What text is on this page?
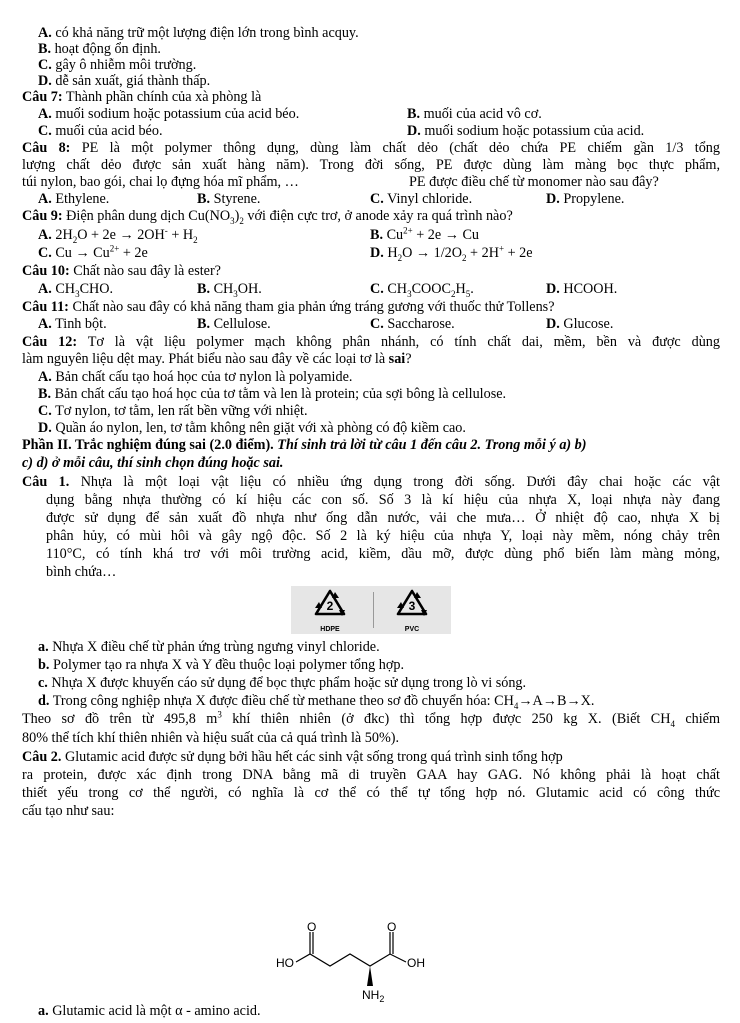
A. có khả năng trữ một lượng điện lớn trong bình acquy.
B. hoạt động ổn định.
C. gây ô nhiễm môi trường.
D. dễ sản xuất, giá thành thấp.
Câu 7: Thành phần chính của xà phòng là
A. muối sodium hoặc potassium của acid béo.	B. muối của acid vô cơ.
C. muối của acid béo.	D. muối sodium hoặc potassium của acid.
Câu 8: PE là một polymer thông dụng, dùng làm chất dẻo (chất dẻo chứa PE chiếm gần 1/3 tổng
lượng chất dẻo được sản xuất hàng năm). Trong đời sống, PE được dùng làm màng bọc thực phẩm,
túi nylon, bao gói, chai lọ đựng hóa mĩ phẩm, …	PE được điều chế từ monomer nào sau đây?
A. Ethylene.	B. Styrene.	C. Vinyl chloride.	D. Propylene.
Câu 9: Điện phân dung dịch $Cu(NO_3)_2$ với điện cực trơ, ở anode xảy ra quá trình nào?
A. $2H_2O + 2e \to 2OH^- + H_2$	B. $Cu^{2+} + 2e \to Cu$
C. $Cu \to Cu^{2+} + 2e$	D. $H_2O \to 1/2O_2 + 2H^+ + 2e$
Câu 10: Chất nào sau đây là ester?
A. $CH_3CHO$.	B. $CH_3OH$.	C. $CH_3COOC_2H_5$.	D. HCOOH.
Câu 11: Chất nào sau đây có khả năng tham gia phản ứng tráng gương với thuốc thử Tollens?
A. Tinh bột.	B. Cellulose.	C. Saccharose.	D. Glucose.
Câu 12: Tơ là vật liệu polymer mạch không phân nhánh, có tính chất dai, mềm, bền và được dùng
làm nguyên liệu dệt may. Phát biểu nào sau đây về các loại tơ là sai?
A. Bản chất cấu tạo hoá học của tơ nylon là polyamide.
B. Bản chất cấu tạo hoá học của tơ tằm và len là protein; của sợi bông là cellulose.
C. Tơ nylon, tơ tằm, len rất bền vững với nhiệt.
D. Quần áo nylon, len, tơ tằm không nên giặt với xà phòng có độ kiềm cao.
Phần II. Trắc nghiệm đúng sai (2.0 điểm). Thí sinh trả lời từ câu 1 đến câu 2. Trong mỗi ý a) b)
c) d) ở mỗi câu, thí sinh chọn đúng hoặc sai.
Câu 1. Nhựa là một loại vật liệu có nhiều ứng dụng trong đời sống. Dưới đây chai hoặc các vật
dụng bằng nhựa thường có kí hiệu các con số. Số 3 là kí hiệu của nhựa X, loại nhựa này đang
được sử dụng để sản xuất đồ nhựa như ống dẫn nước, vải che mưa… Ở nhiệt độ cao, nhựa X bị
phân hủy, có mùi hôi và gây ngộ độc. Số 2 là ký hiệu của nhựa Y, loại này mềm, nóng chảy trên
110°C, có tính khá trơ với môi trường acid, kiềm, dầu mỡ, được dùng phổ biến làm màng mỏng,
bình chứa…
2
HDPE
3
PVC
a. Nhựa X điều chế từ phản ứng trùng ngưng vinyl chloride.
b. Polymer tạo ra nhựa X và Y đều thuộc loại polymer tổng hợp.
c. Nhựa X được khuyến cáo sử dụng để bọc thực phẩm hoặc sử dụng trong lò vi sóng.
d. Trong công nghiệp nhựa X được điều chế từ methane theo sơ đồ chuyển hóa: $CH_4\to A\to B\to X$.
Theo sơ đồ trên từ 495,8 $m^3$ khí thiên nhiên (ở đkc) thì tổng hợp được 250 kg X. (Biết $CH_4$ chiếm
80% thể tích khí thiên nhiên và hiệu suất của cả quá trình là 50%).
Câu 2. Glutamic acid được sử dụng bởi hầu hết các sinh vật sống trong quá trình sinh tổng hợp
ra protein, được xác định trong DNA bằng mã di truyền GAA hay GAG. Nó không phải là hoạt chất
thiết yếu trong cơ thể người, có nghĩa là cơ thể có thể tự tổng hợp nó. Glutamic acid có công thức
cấu tạo như sau:
HO	OH
O	O
$NH_2$
a. Glutamic acid là một α - amino acid.
